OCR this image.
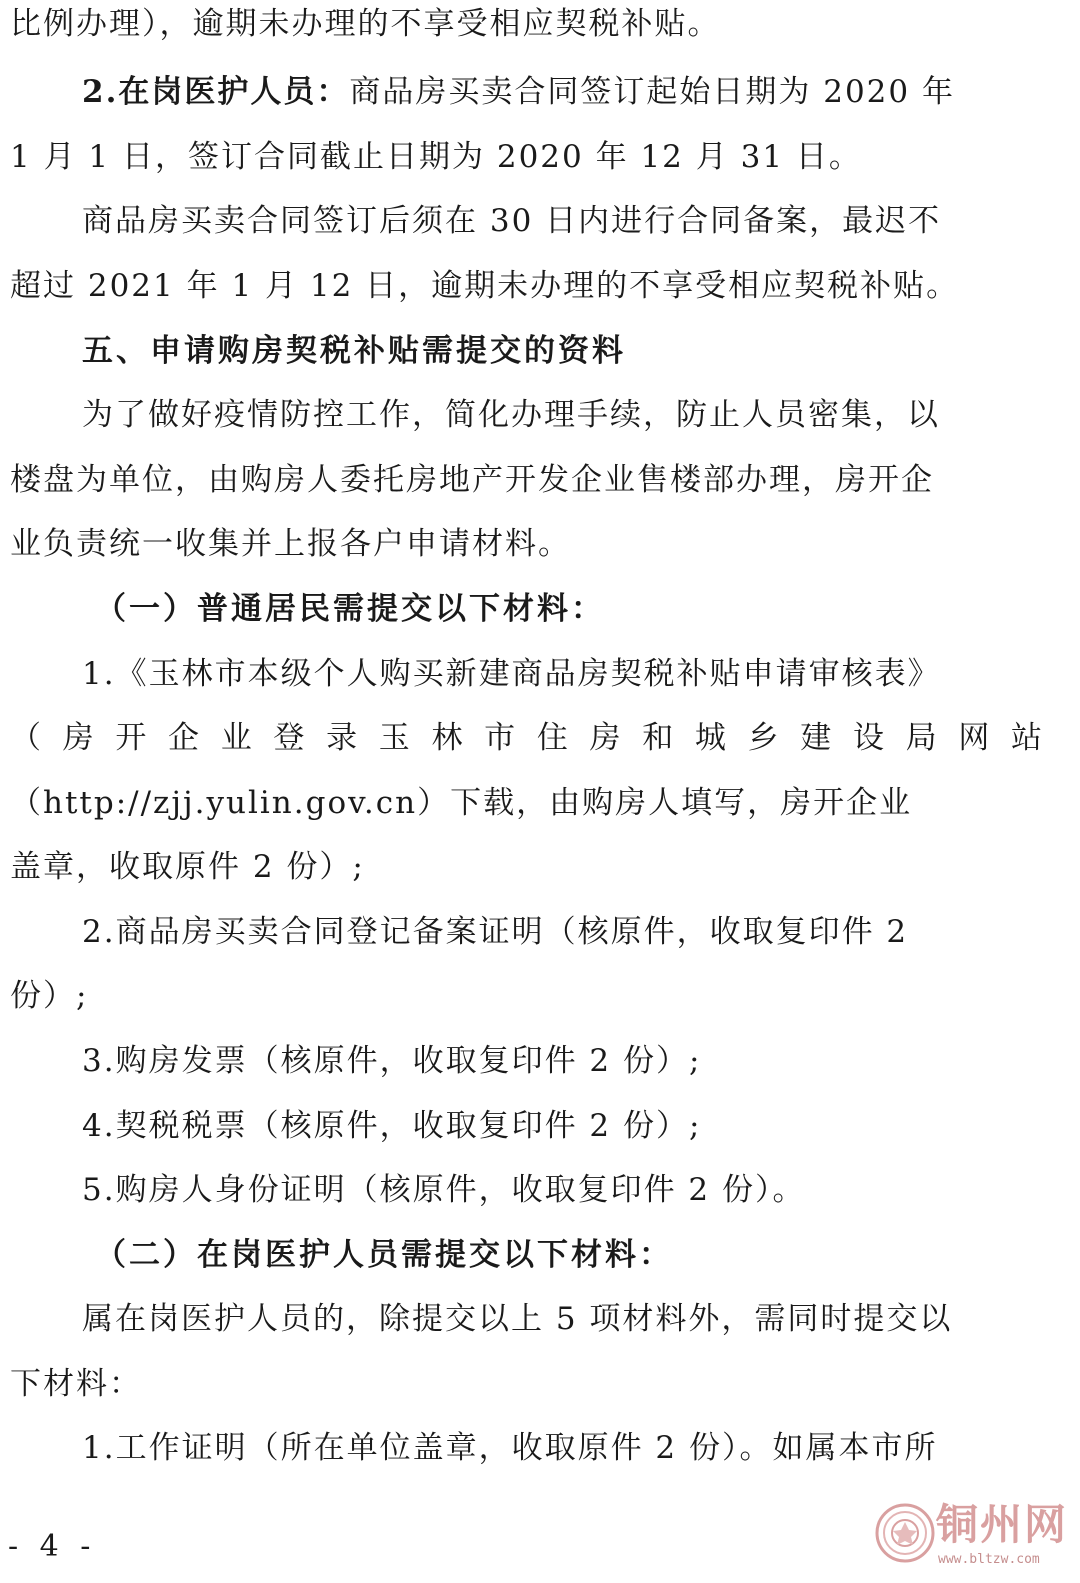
比例办理），逾期未办理的不享受相应契税补贴。
2.在岗医护人员：商品房买卖合同签订起始日期为 2020 年
1 月 1 日，签订合同截止日期为 2020 年 12 月 31 日。
商品房买卖合同签订后须在 30 日内进行合同备案，最迟不
超过 2021 年 1 月 12 日，逾期未办理的不享受相应契税补贴。
五、申请购房契税补贴需提交的资料
为了做好疫情防控工作，简化办理手续，防止人员密集，以
楼盘为单位，由购房人委托房地产开发企业售楼部办理，房开企
业负责统一收集并上报各户申请材料。
（一）普通居民需提交以下材料：
1.《玉林市本级个人购买新建商品房契税补贴申请审核表》
（房开企业登录玉林市住房和城乡建设局网站
（http://zjj.yulin.gov.cn）下载，由购房人填写，房开企业
盖章，收取原件 2 份）;
2.商品房买卖合同登记备案证明（核原件，收取复印件 2
份）;
3.购房发票（核原件，收取复印件 2 份）;
4.契税税票（核原件，收取复印件 2 份）;
5.购房人身份证明（核原件，收取复印件 2 份）。
（二）在岗医护人员需提交以下材料：
属在岗医护人员的，除提交以上 5 项材料外，需同时提交以
下材料：
1.工作证明（所在单位盖章，收取原件 2 份）。如属本市所
- 4 -	铜州网
www.bltzw.com
